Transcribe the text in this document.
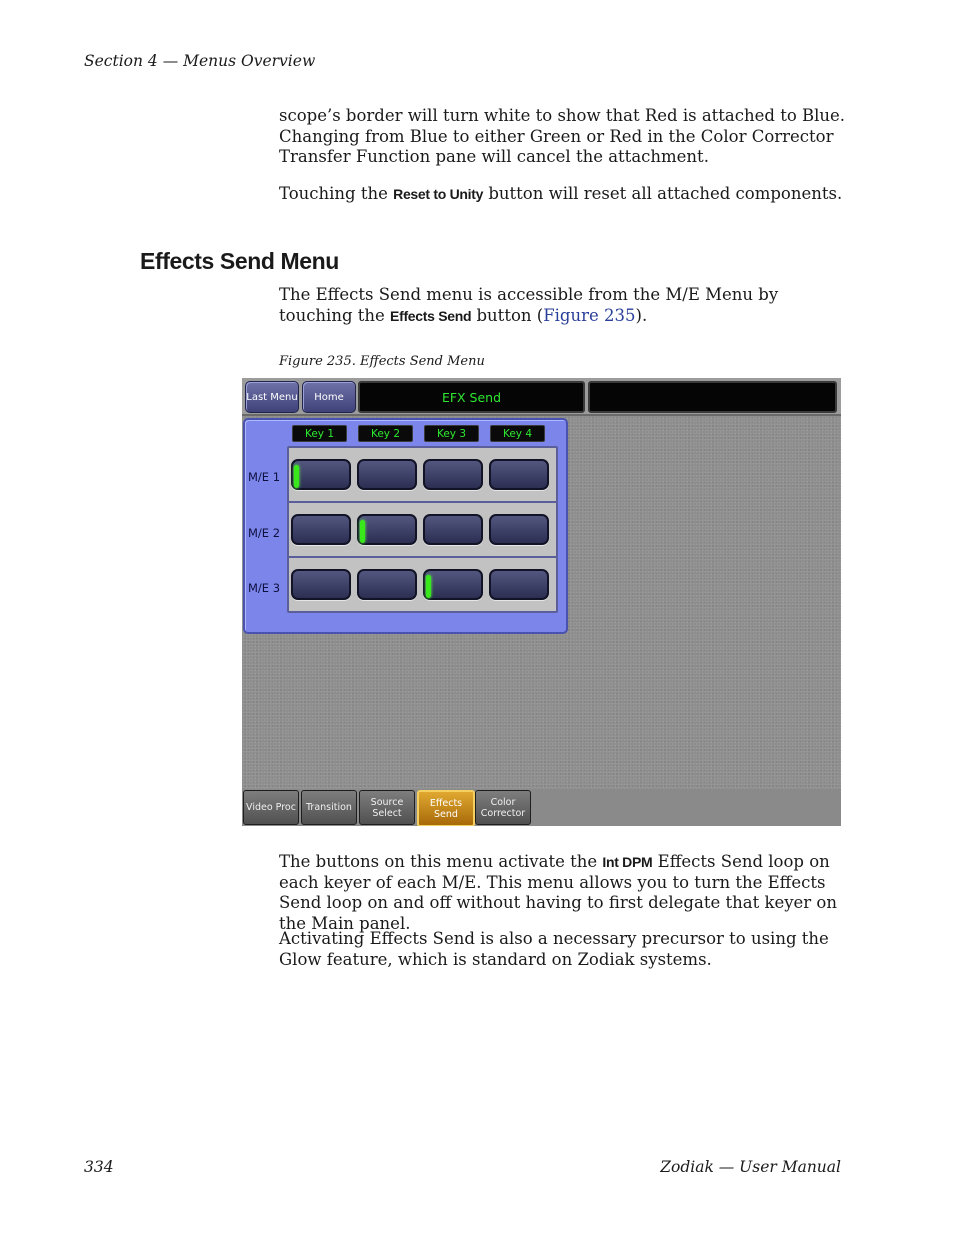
Section 4 — Menus Overview

scope’s border will turn white to show that Red is attached to Blue. Changing from Blue to either Green or Red in the Color Corrector Transfer Function pane will cancel the attachment.

Touching the Reset to Unity button will reset all attached components.

Effects Send Menu

The Effects Send menu is accessible from the M/E Menu by touching the Effects Send button (Figure 235).

Figure 235. Effects Send Menu
Last Menu	Home	EFX Send
Key 1	Key 2	Key 3	Key 4
M/E 1
M/E 2
M/E 3
Video Proc	Transition	Source Select
Effects Send
Color Corrector

The buttons on this menu activate the Int DPM Effects Send loop on each keyer of each M/E. This menu allows you to turn the Effects Send loop on and off without having to first delegate that keyer on the Main panel.

Activating Effects Send is also a necessary precursor to using the Glow feature, which is standard on Zodiak systems.

334	Zodiak — User Manual
